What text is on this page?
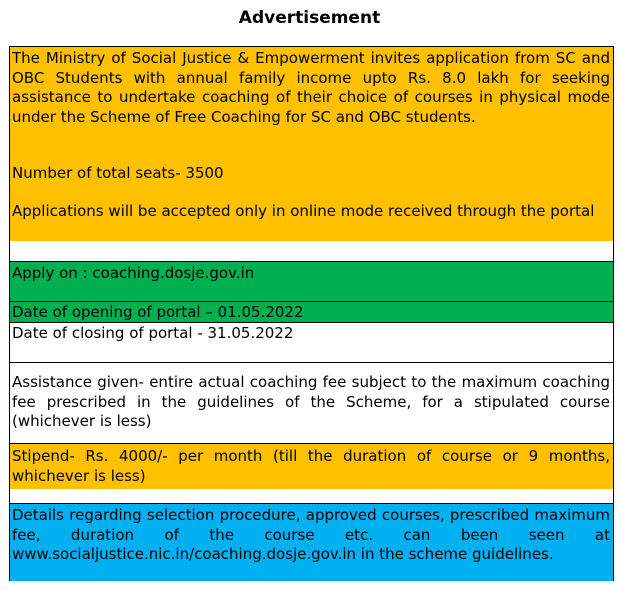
Advertisement

The Ministry of Social Justice & Empowerment invites application from SC and OBC Students with annual family income upto Rs. 8.0 lakh for seeking assistance to undertake coaching of their choice of courses in physical mode under the Scheme of Free Coaching for SC and OBC students.

Number of total seats- 3500

Applications will be accepted only in online mode received through the portal

Apply on : coaching.dosje.gov.in

Date of opening of portal – 01.05.2022

Date of closing of portal - 31.05.2022

Assistance given- entire actual coaching fee subject to the maximum coaching fee prescribed in the guidelines of the Scheme, for a stipulated course (whichever is less)

Stipend- Rs. 4000/- per month (till the duration of course or 9 months, whichever is less)

Details regarding selection procedure, approved courses, prescribed maximum fee, duration of the course etc. can been seen at www.socialjustice.nic.in/coaching.dosje.gov.in in the scheme guidelines.
